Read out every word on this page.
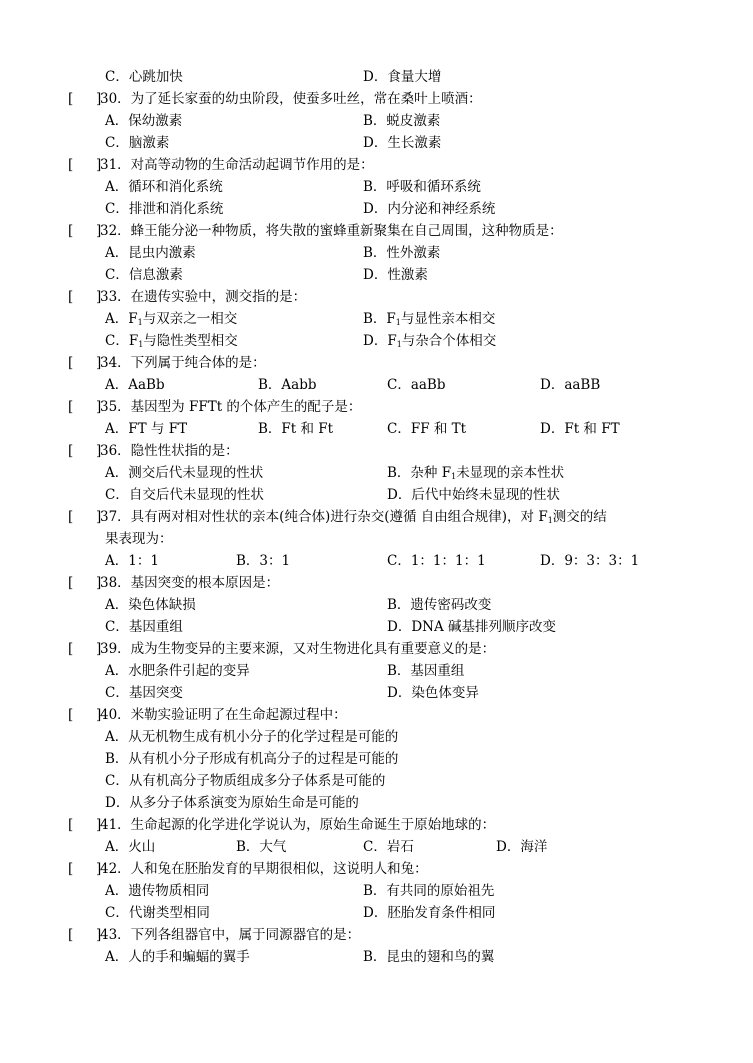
C．心跳加快	D．食量大增
[ ]
30．为了延长家蚕的幼虫阶段，使蚕多吐丝，常在桑叶上喷酒：
A．保幼激素	B．蜕皮激素
C．脑激素	D．生长激素
[ ]
31．对高等动物的生命活动起调节作用的是：
A．循环和消化系统	B．呼吸和循环系统
C．排泄和消化系统	D．内分泌和神经系统
[ ]
32．蜂王能分泌一种物质，将失散的蜜蜂重新聚集在自己周围，这种物质是：
A．昆虫内激素	B．性外激素
C．信息激素	D．性激素
[ ]
33．在遗传实验中，测交指的是：
A．$F_1$与双亲之一相交	B．$F_1$与显性亲本相交
C．$F_1$与隐性类型相交	D．$F_1$与杂合个体相交
[ ]
34．下列属于纯合体的是：
A．AaBb	B．Aabb	C．aaBb	D．aaBB
[ ]
35．基因型为 FFTt 的个体产生的配子是：
A．FT 与 FT	B．Ft 和 Ft	C．FF 和 Tt	D．Ft 和 FT
[ ]
36．隐性性状指的是：
A．测交后代未显现的性状	B．杂种 $F_1$未显现的亲本性状
C．自交后代未显现的性状	D．后代中始终未显现的性状
[ ]
37．具有两对相对性状的亲本(纯合体)进行杂交(遵循 自由组合规律)，对 $F_1$测交的结
果表现为：
A．1：1	B．3：1	C．1：1：1：1	D．9：3：3：1
[ ]
38．基因突变的根本原因是：
A．染色体缺损	B．遗传密码改变
C．基因重组	D．DNA 碱基排列顺序改变
[ ]
39．成为生物变异的主要来源，又对生物进化具有重要意义的是：
A．水肥条件引起的变异	B．基因重组
C．基因突变	D．染色体变异
[ ]
40．米勒实验证明了在生命起源过程中：
A．从无机物生成有机小分子的化学过程是可能的
B．从有机小分子形成有机高分子的过程是可能的
C．从有机高分子物质组成多分子体系是可能的
D．从多分子体系演变为原始生命是可能的
[ ]
41．生命起源的化学进化学说认为，原始生命诞生于原始地球的：
A．火山	B．大气	C．岩石	D．海洋
[ ]
42．人和兔在胚胎发育的早期很相似，这说明人和兔：
A．遗传物质相同	B．有共同的原始祖先
C．代谢类型相同	D．胚胎发育条件相同
[ ]
43．下列各组器官中，属于同源器官的是：
A．人的手和蝙蝠的翼手	B．昆虫的翅和鸟的翼
